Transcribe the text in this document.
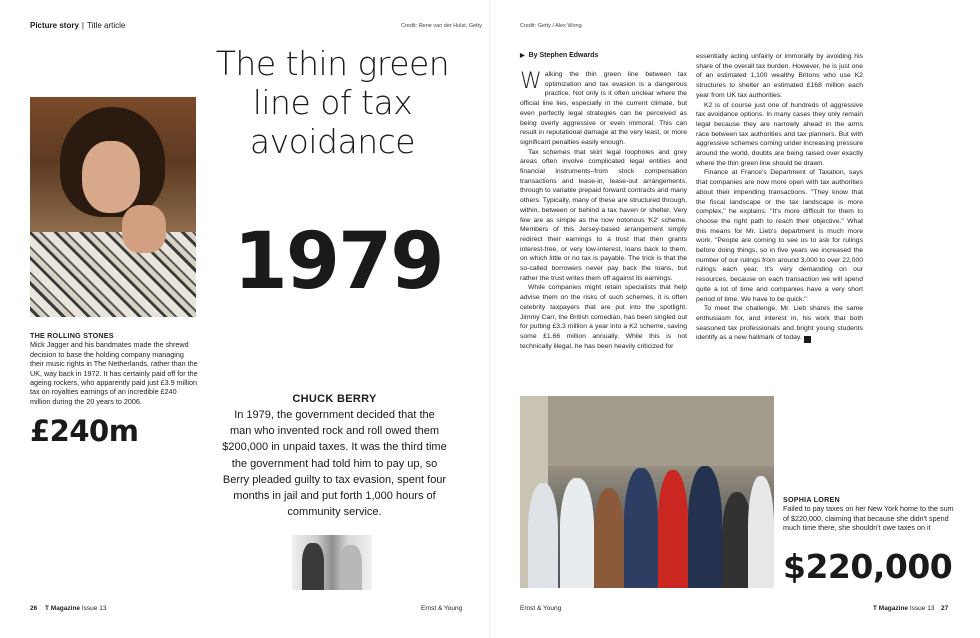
Picture story | Title article	Credit: Rene van der Hulst, Getty
THE ROLLING STONES
Mick Jagger and his bandmates made the shrewd decision to base the holding company managing their music rights in The Netherlands, rather than the UK, way back in 1972. It has certainly paid off for the ageing rockers, who apparently paid just £3.9 million tax on royalties earnings of an incredible £240 million during the 20 years to 2006.
£240m
26 T Magazine Issue 13	Ernst & Young
The thin green line of tax avoidance
1979
CHUCK BERRY
In 1979, the government decided that the man who invented rock and roll owed them $200,000 in unpaid taxes. It was the third time the government had told him to pay up, so Berry pleaded guilty to tax evasion, spent four months in jail and put forth 1,000 hours of community service.
Credit: Getty / Alex Wong
▶ By Stephen Edwards

Walking the thin green line between tax optimization and tax evasion is a dangerous practice. Not only is it often unclear where the official line lies, especially in the current climate, but even perfectly legal strategies can be perceived as being overly aggressive or even immoral. This can result in reputational damage at the very least, or more significant penalties easily enough.

Tax schemes that skirt legal loopholes and grey areas often involve complicated legal entities and financial instruments–from stock compensation transactions and lease-in, lease-out arrangements, through to variable prepaid forward contracts and many others. Typically, many of these are structured through, within, between or behind a tax haven or shelter. Very few are as simple as the now notorious 'K2' scheme. Members of this Jersey-based arrangement simply redirect their earnings to a trust that then grants interest-free, or very low-interest, loans back to them, on which little or no tax is payable. The trick is that the so-called borrowers never pay back the loans, but rather the trust writes them off against its earnings.

While companies might retain specialists that help advise them on the risks of such schemes, it is often celebrity taxpayers that are put into the spotlight. Jimmy Carr, the British comedian, has been singled out for putting £3.3 million a year into a K2 scheme, saving some £1.66 million annually. While this is not technically illegal, he has been heavily criticized for

essentially acting unfairly or immorally by avoiding his share of the overall tax burden. However, he is just one of an estimated 1,100 wealthy Britons who use K2 structures to shelter an estimated £168 million each year from UK tax authorities.

K2 is of course just one of hundreds of aggressive tax avoidance options. In many cases they only remain legal because they are narrowly ahead in the arms race between tax authorities and tax planners. But with aggressive schemes coming under increasing pressure around the world, doubts are being raised over exactly where the thin green line should be drawn.

Finance at France's Department of Taxation, says that companies are now more open with tax authorities about their impending transactions. "They know that the fiscal landscape or the tax landscape is more complex," he explains. "It's more difficult for them to choose the right path to reach their objective." What this means for Mr. Lieb's department is much more work. "People are coming to see us to ask for rulings before doing things, so in five years we increased the number of our rulings from around 3,000 to over 22,000 rulings each year. It's very demanding on our resources, because on each transaction we will spend quite a lot of time and companies have a very short period of time. We have to be quick."

To meet the challenge, Mr. Lieb shares the same enthusiasm for, and interest in, his work that both seasoned tax professionals and bright young students identify as a new hallmark of today. T

SOPHIA LOREN
Failed to pay taxes on her New York home to the sum of $220,000, claiming that because she didn't spend much time there, she shouldn't owe taxes on it
$220,000
Ernst & Young	T Magazine Issue 13 27
